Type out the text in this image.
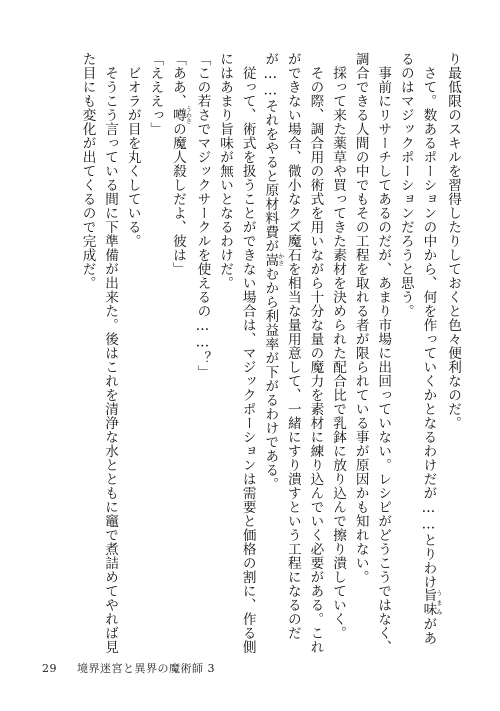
り最低限のスキルを習得したりしておくと色々便利なのだ。

さて。数あるポーションの中から、何を作っていくかとなるわけだが……とりわけ旨味うまみがあるのはマジックポーションだろうと思う。

事前にリサーチしてあるのだが、あまり市場に出回っていない。レシピがどうこうではなく、調合できる人間の中でもその工程を取れる者が限られている事が原因かも知れない。

採って来た薬草や買ってきた素材を決められた配合比で乳鉢に放り込んで擦り潰していく。

その際、調合用の術式を用いながら十分な量の魔力を素材に練り込んでいく必要がある。これができない場合、微小なクズ魔石を相当な量用意して、一緒にすり潰すという工程になるのだが……それをやると原材料費が嵩かさむから利益率が下がるわけである。

従って、術式を扱うことができない場合は、マジックポーションは需要と価格の割に、作る側にはあまり旨味が無いとなるわけだ。

「この若さでマジックサークルを使えるの……？」

「ああ、噂うわさの魔人殺しだよ、彼は」

「えええっ」

ビオラが目を丸くしている。

そうこう言っている間に下準備が出来た。後はこれを清浄な水とともに竈で煮詰めてやれば見た目にも変化が出てくるので完成だ。

29 境界迷宮と異界の魔術師 3
